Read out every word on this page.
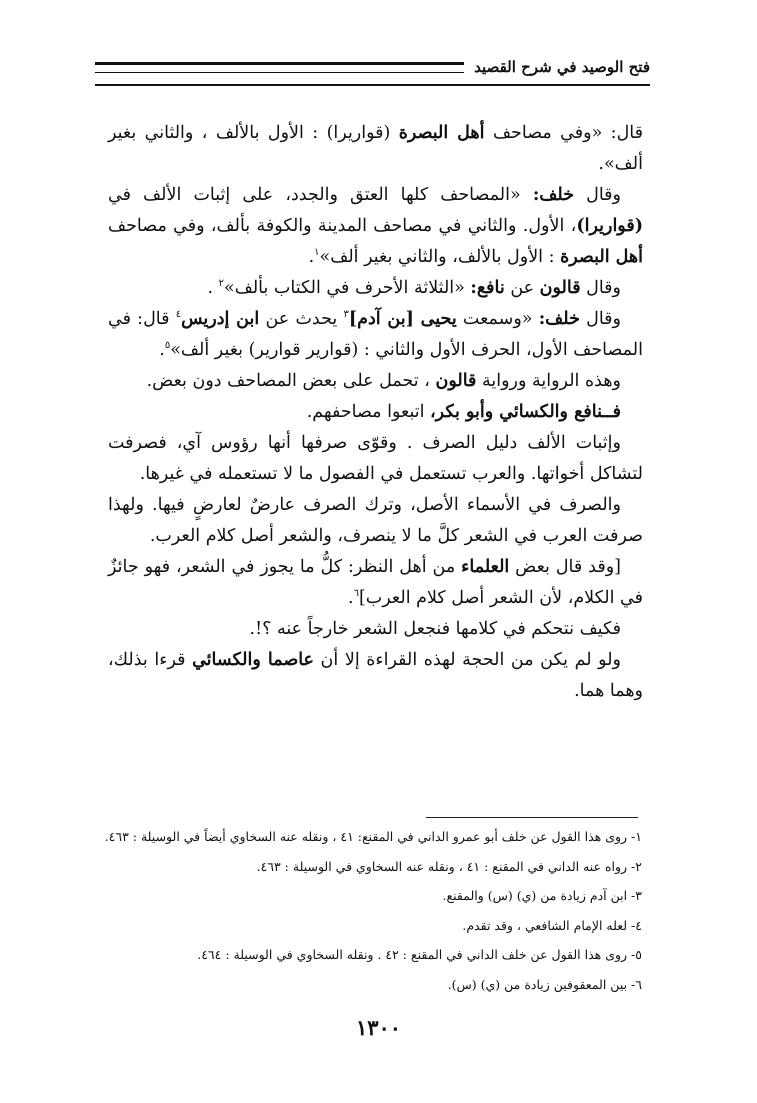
فتح الوصيد في شرح القصيد

قال: «وفي مصاحف أهل البصرة (قواريرا) : الأول بالألف ، والثاني بغير ألف».

وقال خلف: «المصاحف كلها العتق والجدد، على إثبات الألف في (قواريرا)، الأول. والثاني في مصاحف المدينة والكوفة بألف، وفي مصاحف أهل البصرة : الأول بالألف، والثاني بغير ألف»$^١$.

وقال قالون عن نافع: «الثلاثة الأحرف في الكتاب بألف»$^٢$ .

وقال خلف: «وسمعت يحيى [بن آدم]$^٣$ يحدث عن ابن إدريس$^٤$ قال: في المصاحف الأول، الحرف الأول والثاني : (قوارير قوارير) بغير ألف»$^٥$.

وهذه الرواية ورواية قالون ، تحمل على بعض المصاحف دون بعض.

فــنافع والكسائي وأبو بكر، اتبعوا مصاحفهم.

وإثبات الألف دليل الصرف . وقوّى صرفها أنها رؤوس آي، فصرفت لتشاكل أخواتها. والعرب تستعمل في الفصول ما لا تستعمله في غيرها.

والصرف في الأسماء الأصل، وترك الصرف عارضٌ لعارضٍ فيها. ولهذا صرفت العرب في الشعر كلَّ ما لا ينصرف، والشعر أصل كلام العرب.

[وقد قال بعض العلماء من أهل النظر: كلُّ ما يجوز في الشعر، فهو جائزٌ في الكلام، لأن الشعر أصل كلام العرب]$^٦$.

فكيف نتحكم في كلامها فنجعل الشعر خارجاً عنه ؟!.

ولو لم يكن من الحجة لهذه القراءة إلا أن عاصما والكسائي قرءا بذلك، وهما هما.

١- روى هذا القول عن خلف أبو عمرو الداني في المقنع: ٤١ ، ونقله عنه السخاوي أيضاً في الوسيلة : ٤٦٣.
٢- رواه عنه الداني في المقنع : ٤١ ، ونقله عنه السخاوي في الوسيلة : ٤٦٣.
٣- ابن آدم زيادة من (ي) (س) والمقنع.
٤- لعله الإمام الشافعي ، وقد تقدم.
٥- روى هذا القول عن خلف الداني في المقنع : ٤٢ . ونقله السخاوي في الوسيلة : ٤٦٤.
٦- بين المعقوفين زيادة من (ي) (س).
١٣٠٠
